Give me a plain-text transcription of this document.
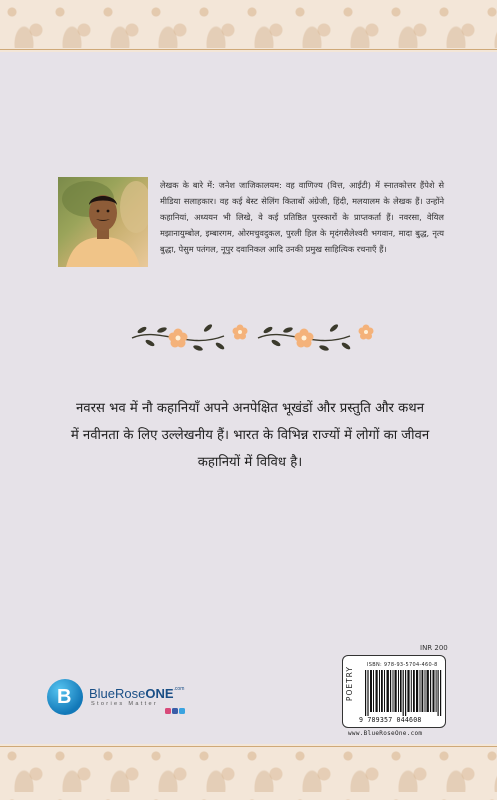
लेखक के बारे में: जनेश जाजिकालयम: वह वाणिज्य (वित्त, आईटी) में स्नातकोत्तर हैंपेशे से मीडिया सलाहकार। वह कई बेस्ट सेलिंग किताबों अंग्रेजी, हिंदी, मलयालम के लेखक हैं। उन्होंने कहानियां, अध्ययन भी लिखे, वे कई प्रतिष्ठित पुरस्कारों के प्राप्तकर्ता हैं। नवरसा, वेयिल मझानायुम्बोल, इम्बारगम, ओरमचुवदुकल, पुरली हिल के मृदंगसैलेश्वरी भगवान, मादा बुद्ध, नृत्य बुद्धा, पेसुम पतंगल, नूपुर दवानिकल आदि उनकी प्रमुख साहित्यिक रचनाएँ हैं।

नवरस भव में नौ कहानियाँ अपने अनपेक्षित भूखंडों और प्रस्तुति और कथन में नवीनता के लिए उल्लेखनीय हैं। भारत के विभिन्न राज्यों में लोगों का जीवन कहानियों में विविध है।

INR 200
POETRY
ISBN: 978-93-5704-460-8
9 789357 044608
www.BlueRoseOne.com
B BlueRoseONE$^{.com}$
Stories Matter
